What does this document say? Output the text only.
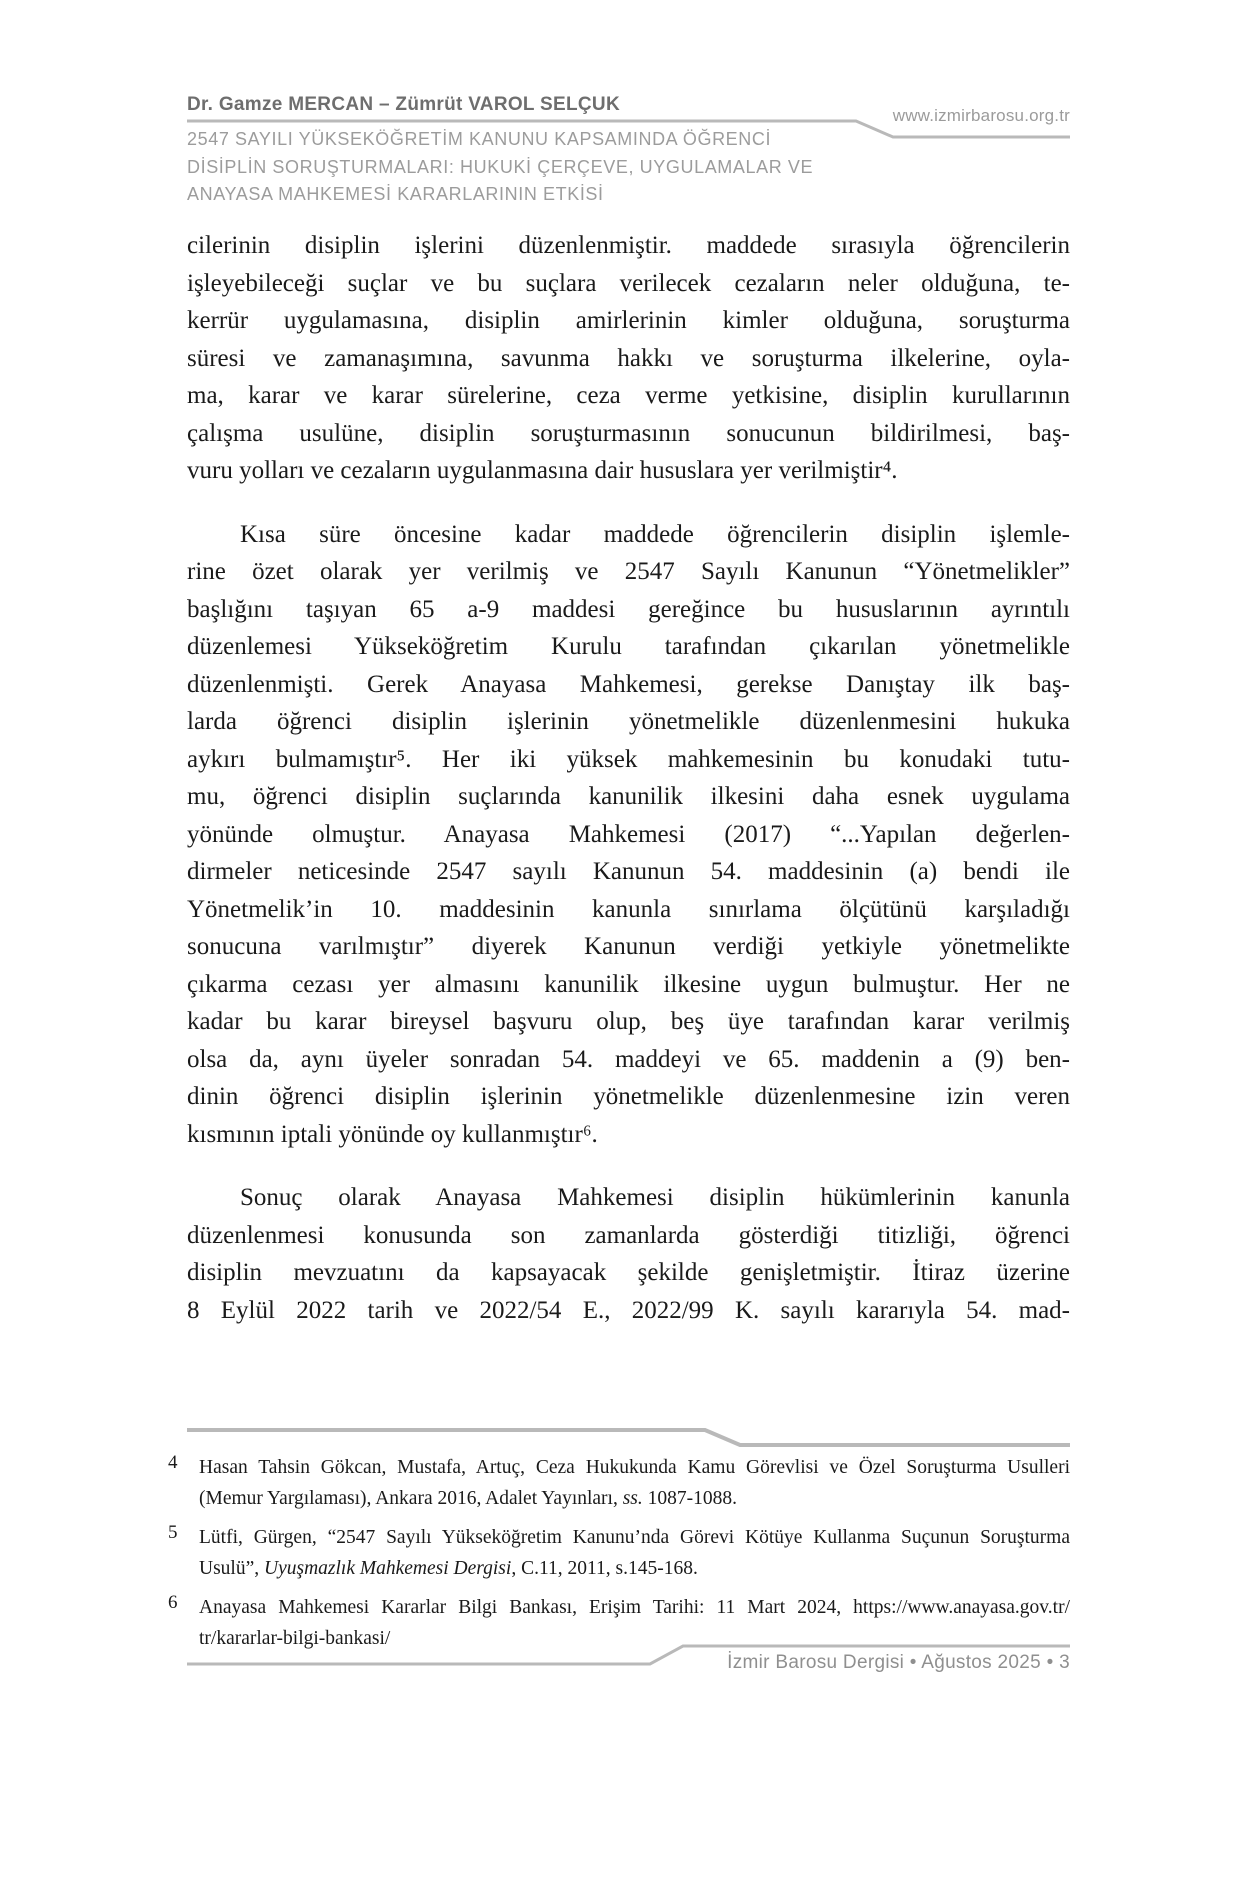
Dr. Gamze MERCAN – Zümrüt VAROL SELÇUK
www.izmirbarosu.org.tr
2547 SAYILI YÜKSEKÖĞRETİM KANUNU KAPSAMINDA ÖĞRENCİ
DİSİPLİN SORUŞTURMALARI: HUKUKİ ÇERÇEVE, UYGULAMALAR VE
ANAYASA MAHKEMESİ KARARLARININ ETKİSİ
cilerinin disiplin işlerini düzenlenmiştir. maddede sırasıyla öğrencilerin
işleyebileceği suçlar ve bu suçlara verilecek cezaların neler olduğuna, te-
kerrür uygulamasına, disiplin amirlerinin kimler olduğuna, soruşturma
süresi ve zamanaşımına, savunma hakkı ve soruşturma ilkelerine, oyla-
ma, karar ve karar sürelerine, ceza verme yetkisine, disiplin kurullarının
çalışma usulüne, disiplin soruşturmasının sonucunun bildirilmesi, baş-
vuru yolları ve cezaların uygulanmasına dair hususlara yer verilmiştir⁴.
Kısa süre öncesine kadar maddede öğrencilerin disiplin işlemle-
rine özet olarak yer verilmiş ve 2547 Sayılı Kanunun “Yönetmelikler”
başlığını taşıyan 65 a-9 maddesi gereğince bu hususlarının ayrıntılı
düzenlemesi Yükseköğretim Kurulu tarafından çıkarılan yönetmelikle
düzenlenmişti. Gerek Anayasa Mahkemesi, gerekse Danıştay ilk baş-
larda öğrenci disiplin işlerinin yönetmelikle düzenlenmesini hukuka
aykırı bulmamıştır⁵. Her iki yüksek mahkemesinin bu konudaki tutu-
mu, öğrenci disiplin suçlarında kanunilik ilkesini daha esnek uygulama
yönünde olmuştur. Anayasa Mahkemesi (2017) “...Yapılan değerlen-
dirmeler neticesinde 2547 sayılı Kanunun 54. maddesinin (a) bendi ile
Yönetmelik’in 10. maddesinin kanunla sınırlama ölçütünü karşıladığı
sonucuna varılmıştır” diyerek Kanunun verdiği yetkiyle yönetmelikte
çıkarma cezası yer almasını kanunilik ilkesine uygun bulmuştur. Her ne
kadar bu karar bireysel başvuru olup, beş üye tarafından karar verilmiş
olsa da, aynı üyeler sonradan 54. maddeyi ve 65. maddenin a (9) ben-
dinin öğrenci disiplin işlerinin yönetmelikle düzenlenmesine izin veren
kısmının iptali yönünde oy kullanmıştır⁶.
Sonuç olarak Anayasa Mahkemesi disiplin hükümlerinin kanunla
düzenlenmesi konusunda son zamanlarda gösterdiği titizliği, öğrenci
disiplin mevzuatını da kapsayacak şekilde genişletmiştir. İtiraz üzerine
8 Eylül 2022 tarih ve 2022/54 E., 2022/99 K. sayılı kararıyla 54. mad-
4 Hasan Tahsin Gökcan, Mustafa, Artuç, Ceza Hukukunda Kamu Görevlisi ve Özel Soruşturma Usulleri
(Memur Yargılaması), Ankara 2016, Adalet Yayınları, ss. 1087-1088.
5 Lütfi, Gürgen, “2547 Sayılı Yükseköğretim Kanunu’nda Görevi Kötüye Kullanma Suçunun Soruşturma
Usulü”, Uyuşmazlık Mahkemesi Dergisi, C.11, 2011, s.145-168.
6 Anayasa Mahkemesi Kararlar Bilgi Bankası, Erişim Tarihi: 11 Mart 2024, https://www.anayasa.gov.tr/
tr/kararlar-bilgi-bankasi/
İzmir Barosu Dergisi • Ağustos 2025 • 3
